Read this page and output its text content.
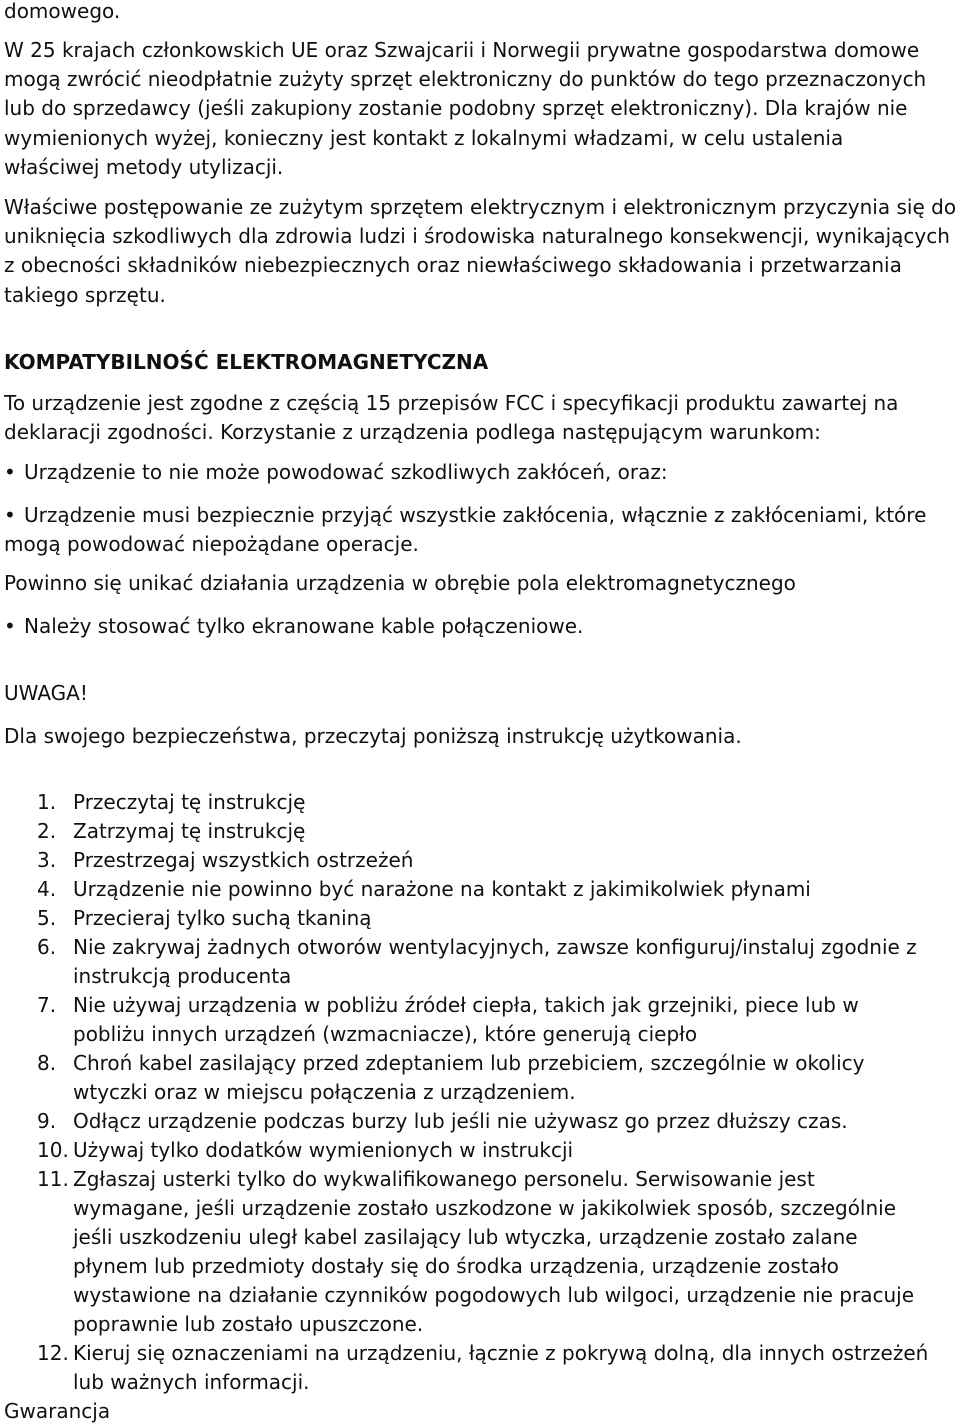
domowego.
W 25 krajach członkowskich UE oraz Szwajcarii i Norwegii prywatne gospodarstwa domowe mogą zwrócić nieodpłatnie zużyty sprzęt elektroniczny do punktów do tego przeznaczonych lub do sprzedawcy (jeśli zakupiony zostanie podobny sprzęt elektroniczny). Dla krajów nie wymienionych wyżej, konieczny jest kontakt z lokalnymi władzami, w celu ustalenia właściwej metody utylizacji.
Właściwe postępowanie ze zużytym sprzętem elektrycznym i elektronicznym przyczynia się do uniknięcia szkodliwych dla zdrowia ludzi i środowiska naturalnego konsekwencji, wynikających z obecności składników niebezpiecznych oraz niewłaściwego składowania i przetwarzania takiego sprzętu.
KOMPATYBILNOŚĆ ELEKTROMAGNETYCZNA
To urządzenie jest zgodne z częścią 15 przepisów FCC i specyfikacji produktu zawartej na deklaracji zgodności. Korzystanie z urządzenia podlega następującym warunkom:
• Urządzenie to nie może powodować szkodliwych zakłóceń, oraz:
• Urządzenie musi bezpiecznie przyjąć wszystkie zakłócenia, włącznie z zakłóceniami, które mogą powodować niepożądane operacje.
Powinno się unikać działania urządzenia w obrębie pola elektromagnetycznego
• Należy stosować tylko ekranowane kable połączeniowe.
UWAGA!
Dla swojego bezpieczeństwa, przeczytaj poniższą instrukcję użytkowania.
1. Przeczytaj tę instrukcję
2. Zatrzymaj tę instrukcję
3. Przestrzegaj wszystkich ostrzeżeń
4. Urządzenie nie powinno być narażone na kontakt z jakimikolwiek płynami
5. Przecieraj tylko suchą tkaniną
6. Nie zakrywaj żadnych otworów wentylacyjnych, zawsze konfiguruj/instaluj zgodnie z instrukcją producenta
7. Nie używaj urządzenia w pobliżu źródeł ciepła, takich jak grzejniki, piece lub w pobliżu innych urządzeń (wzmacniacze), które generują ciepło
8. Chroń kabel zasilający przed zdeptaniem lub przebiciem, szczególnie w okolicy wtyczki oraz w miejscu połączenia z urządzeniem.
9. Odłącz urządzenie podczas burzy lub jeśli nie używasz go przez dłuższy czas.
10. Używaj tylko dodatków wymienionych w instrukcji
11. Zgłaszaj usterki tylko do wykwalifikowanego personelu. Serwisowanie jest wymagane, jeśli urządzenie zostało uszkodzone w jakikolwiek sposób, szczególnie jeśli uszkodzeniu uległ kabel zasilający lub wtyczka, urządzenie zostało zalane płynem lub przedmioty dostały się do środka urządzenia, urządzenie zostało wystawione na działanie czynników pogodowych lub wilgoci, urządzenie nie pracuje poprawnie lub zostało upuszczone.
12. Kieruj się oznaczeniami na urządzeniu, łącznie z pokrywą dolną, dla innych ostrzeżeń lub ważnych informacji.
Gwarancja
